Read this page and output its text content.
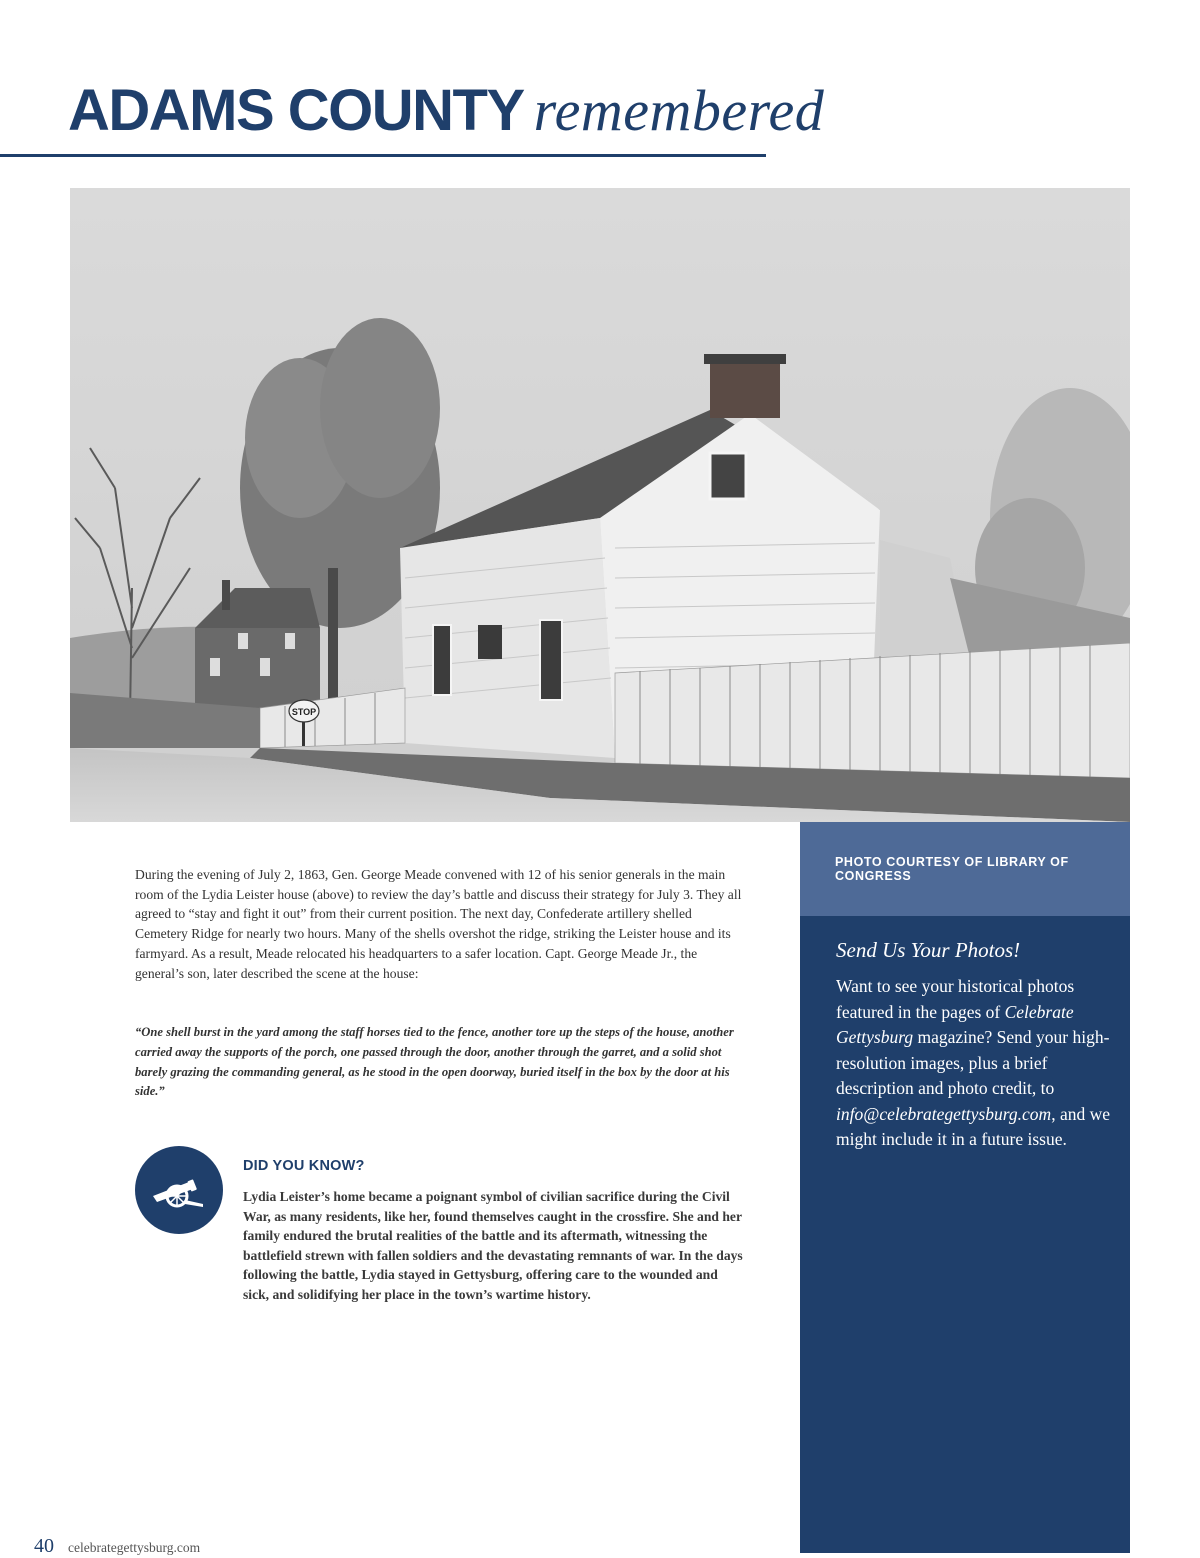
ADAMS COUNTY remembered
STOP
PHOTO COURTESY OF LIBRARY OF CONGRESS
Send Us Your Photos!

Want to see your historical photos featured in the pages of Celebrate Gettysburg magazine? Send your high-resolution images, plus a brief description and photo credit, to info@celebrategettysburg.com, and we might include it in a future issue.

During the evening of July 2, 1863, Gen. George Meade convened with 12 of his senior generals in the main room of the Lydia Leister house (above) to review the day’s battle and discuss their strategy for July 3. They all agreed to “stay and fight it out” from their current position. The next day, Confederate artillery shelled Cemetery Ridge for nearly two hours. Many of the shells overshot the ridge, striking the Leister house and its farmyard. As a result, Meade relocated his headquarters to a safer location. Capt. George Meade Jr., the general’s son, later described the scene at the house:

“One shell burst in the yard among the staff horses tied to the fence, another tore up the steps of the house, another carried away the supports of the porch, one passed through the door, another through the garret, and a solid shot barely grazing the commanding general, as he stood in the open doorway, buried itself in the box by the door at his side.”

DID YOU KNOW?

Lydia Leister’s home became a poignant symbol of civilian sacrifice during the Civil War, as many residents, like her, found themselves caught in the crossfire. She and her family endured the brutal realities of the battle and its aftermath, witnessing the battlefield strewn with fallen soldiers and the devastating remnants of war. In the days following the battle, Lydia stayed in Gettysburg, offering care to the wounded and sick, and solidifying her place in the town’s wartime history.

40 celebrategettysburg.com
